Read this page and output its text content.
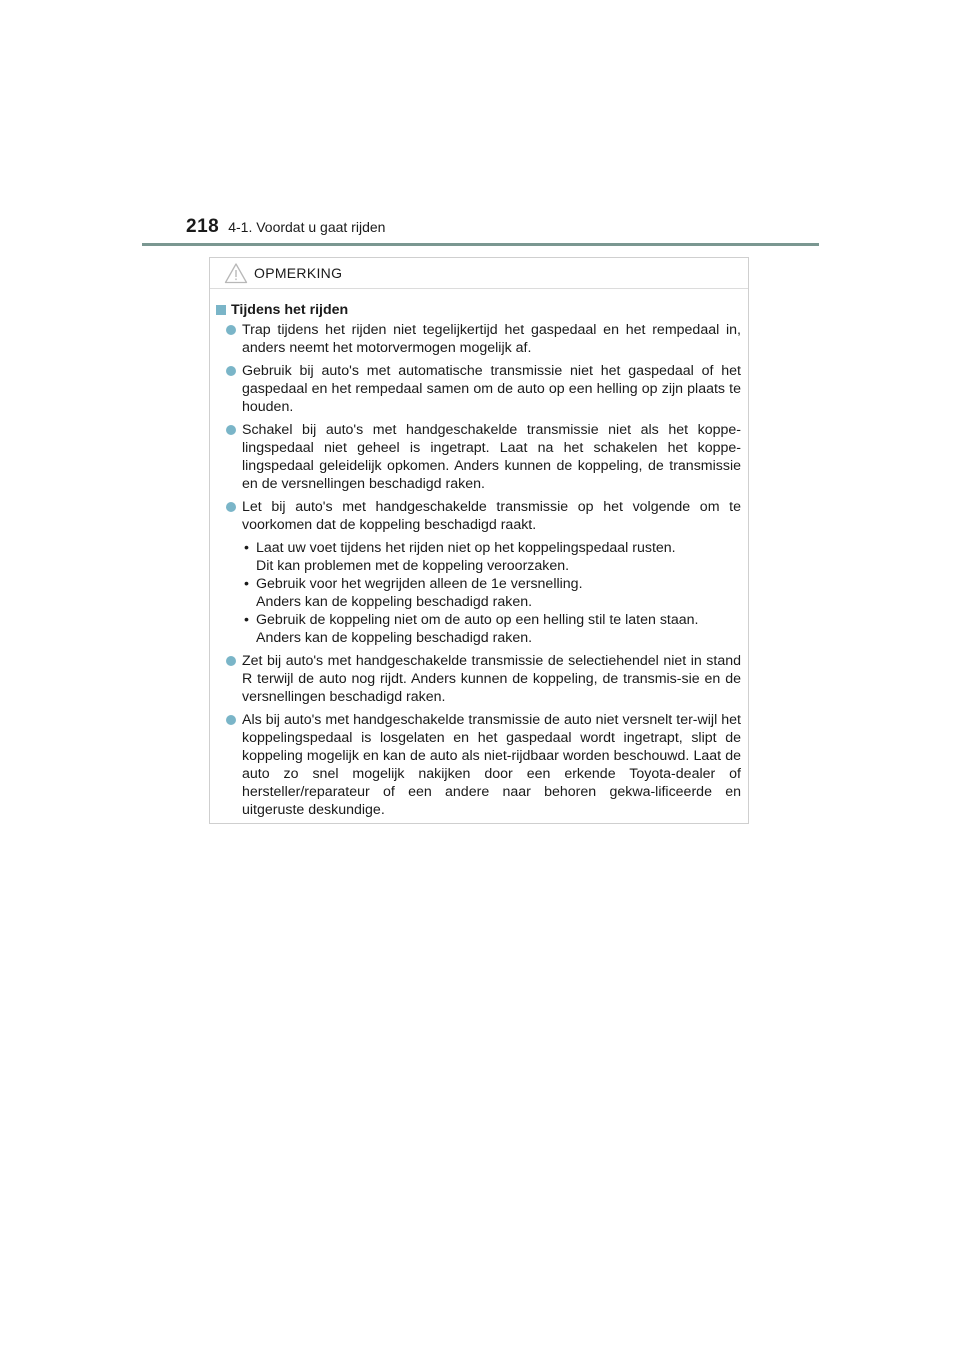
218 4-1. Voordat u gaat rijden
OPMERKING
Tijdens het rijden
Trap tijdens het rijden niet tegelijkertijd het gaspedaal en het rempedaal in, anders neemt het motorvermogen mogelijk af.
Gebruik bij auto's met automatische transmissie niet het gaspedaal of het gaspedaal en het rempedaal samen om de auto op een helling op zijn plaats te houden.
Schakel bij auto's met handgeschakelde transmissie niet als het koppe-lingspedaal niet geheel is ingetrapt. Laat na het schakelen het koppe-lingspedaal geleidelijk opkomen. Anders kunnen de koppeling, de transmissie en de versnellingen beschadigd raken.
Let bij auto's met handgeschakelde transmissie op het volgende om te voorkomen dat de koppeling beschadigd raakt.
• Laat uw voet tijdens het rijden niet op het koppelingspedaal rusten.
Dit kan problemen met de koppeling veroorzaken.
• Gebruik voor het wegrijden alleen de 1e versnelling.
Anders kan de koppeling beschadigd raken.
• Gebruik de koppeling niet om de auto op een helling stil te laten staan.
Anders kan de koppeling beschadigd raken.
Zet bij auto's met handgeschakelde transmissie de selectiehendel niet in stand R terwijl de auto nog rijdt. Anders kunnen de koppeling, de transmis-sie en de versnellingen beschadigd raken.
Als bij auto's met handgeschakelde transmissie de auto niet versnelt ter-wijl het koppelingspedaal is losgelaten en het gaspedaal wordt ingetrapt, slipt de koppeling mogelijk en kan de auto als niet-rijdbaar worden beschouwd. Laat de auto zo snel mogelijk nakijken door een erkende Toyota-dealer of hersteller/reparateur of een andere naar behoren gekwa-lificeerde en uitgeruste deskundige.
